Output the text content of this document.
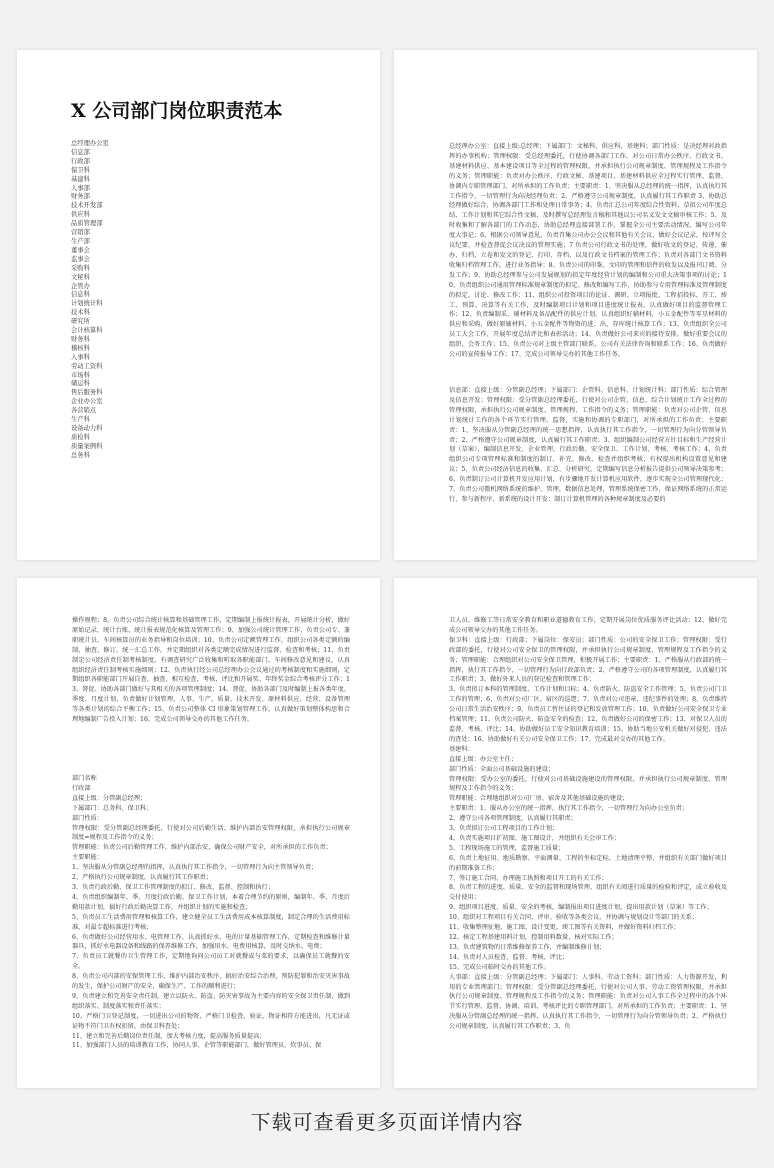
X 公司部门岗位职责范本
总经理办公室
信息部
行政部
保卫科
基建科
人事部
财务部
技术开发部
供应科
品质管理部
营销部
生产部
董事会
监事会
采购科
文秘科
企管办
信息科
计划统计科
技术科
研究所
会计核算科
财务科
稽核科
人事科
劳动工资科
市场科
储运科
售后服务科
企业办公室
各营销点
生产科
设备动力科
质检科
质量案例科
总务科

总经理办公室：直接上级:总经理；下属部门：文秘科、供应科、基建科；部门性质：是决经理对政指挥的办事机构；管理权限：受总经理委托，行使协调各部门工作，对公司日常办公秩序、行政文书、基建材料供应、基本建设项目等全过程的管理权限，并承担执行公司规章制度、管理规程及工作指令的义务；管理职能：负责对办公秩序、行政文秘、基建项目、基建材料供应全过程实行管理、监督、协调内专职管理部门、对所承担的工作负责；主要职责：1、坚决服从总经理的统一指挥，认真执行其工作指令，一切管理行为向决经理负责；2、严格遵守公司规章制度，认真履行其工作职责 3、协助总经理做好综合、协调各部门工作和处理日常事务；4、负责汇总公司年度综合性资料，草拟公司年度总结、工作计划和其它综合性文稿，及时撰写总经理发言稿和其他以公司名义发文文稿审核工作；5、及时收集和了解各部门的工作动态，协助总经理直接部署工作，掌握全公司主要活动情况，编写公司年度大事记；6、根据公司领导意见，负责召集公司办公会议和其他有关会议，做好会议记录，按评写会议纪要，并检查督促会议决议的管理实施；7 负责公司行政文书的处理，做好收文的登记、传递、催办、归档，立卷和发文的登记、打印、存档，以及行政文书档案的管理工作；负责对各部门文书资料收集归档管理工作，进行业务指导；8、负责公司的印鉴、文印的管理和信件的收发以及报刊订阅、分发工作；9、协助总经理参与公司发展规划的拟定年度经营计划的编制和公司重大决策事项的讨论；10、负责组织公司通用管理标准规章制度的拟定、修改和编写工作，协助参与专用管理标准及管理制度的拟定、讨论、修改工作；11、组织公司投资项目的论证、调研、立项报批，工程招投标、开工、竣工、预算、决算等有关工作，及时编制项目计划和项目进度统计报表，认真做好项目的监督管理工作；12、负责编制采、辅材料及备品配件的供应计划，认真组织好辅材料，小五金配件等零星材料的供应和采购，做好原辅材料，小五金配件等物资的进、出、存库统计核算工作；13、负责组织全公司员工大会工作，开展年度总结评比和表彰活动；14、负责做好公司来宾的接待安排，做好重要会议的组织、会务工作；15、负责公司对上级主管部门联系，公司有关法律咨询和联系工作；16、负责做好公司的宣传报导工作；17、完成公司领导交办的其他工作任务。

信息部：直接上级：分管副总经理；下属部门：企管科、信息科、计划统计科；部门性质：综合管理及信息开发；管理权限：受分管副总经理委托，行使对公司企管、信息、综合计划统计工作全过程的管理权限，承担执行公司规章制度、管理规程、工作指令的义务；管理职能：负责对公司企管、信息计划统计工作的各个环节实行管理、监督、实施和协调的专职部门，对所承担的工作负责；主要职责：1、坚决服从分管副总经理的统一思想指挥，认真执行其工作指令，一切管理行为向分管领导负责；2、严格遵守公司规章制度，认真履行其工作职责；3、组织编制公司经营方针目标和生产经营计划（草案），编制信息开发、企业管理、行政后勤、安全保卫、工作计划、考核、考核工作；4、负责组织公司专项管理标准和制度的制订、补充、修改、检查并组织考核；有权提出机构设置意见和建议；5、负责公司经济信息的收集、汇总、分析研究，定期编写信息分析报告提供公司领导决策参考；6、负责制订公司计算机开发应用计划，有步骤地开发计算机应用软件，逐步实现全公司管理现代化；7、负责公司微机网络系统的维护、管理，数据信息处理，管理系统保密工作，保证网络系统的正常运行，参与新程序、新系统的设计开发；制订计算机管理的各种规章制度及必要的

操作规程；8、负责公司综合统计核算和基础管理工作，定期编制上报统计报表，开展统计分析，做好原始记录，统计台账、统计报表规范化核算及管理工作；9、加强公司统计管理工作，负责公司专、兼职统计员、车间核算员的业务指导和岗位培训；10、负责公司定额管理工作，组织公司各类定额的编制、抽查、修订、统一汇总工作，并定期组织对各类定额完成情况进行监督、检查和考核；11、负责制定公司经济责任制考核制度，有调查研究广泛收集和听取各职能部门、车间修改意见和建议，认真组织经济责任制考核实施细则；12、负责执行经公司总经理办公会议通过的考核制度和实施细则，定期组织各职能部门开展自查、抽查、相互检查、考核，评比和开展奖、年终奖金综合考核评分工作；13、督促、协助各部门做好与其相关的各项管理制度；14、督促、协助各部门及时编制上报各类年度、季度、月度计划，负责做好计划管理、人事、生产、质量、技术开发、原材料供应、经营、设备管理等各类计划的综合平衡工作；15、负责公司整体 CI 形象策划管理工作，认真做好策划整体构思和合理地编制广告投入计划；16、完成公司领导交办的其他工作任务。

部门名称
行政部
直接上级：分管副总经理；
下属部门：总务科、保卫科；
部门性质：
管理权限：受分管副总经理委托，行使对公司后勤生活、维护内部治安管理权限，承担执行公司规章制度=规程及工作指令的义务；
管理职能：负责公司后勤管理工作、维护内部治安，确保公司财产安全，对所承担的工作负责；
主要职能：
1、坚决服从分管副总经理的指挥，认真执行其工作指令，一切管理行为向主管领导负责；
2、严格执行公司规章制度，认真履行其工作职责；
3、负责行政后勤、保卫工作管理制度的拟订、修改、监督、控制和执行；
4、负责组织编制年、季、月度行政后勤、保卫工作计划，本着合理节约的原则，编制年、季、月度后勤用款计划，搞好行政后勤决算工作，并组织计划的实施和检查；
5、负责员工生活费用管理和核算工作，建立健全员工生活费用成本核算制度，制定合理的生活费用标准，对最专超标准进行考核；
6、负责做好公司经营用水、电管理工作，认真抓好水、电的计量基础管理工作，定期检查和维修计量器具，抓好水电器设备和线路的保养维修工作，加强用水、电费用核算，及时交纳水、电费；
7、负责员工就餐的卫生管理工作，定期地询问公司员工对就餐或与菜的要求，以确保员工就餐的安全。
8、负责公司内部的安保管理工作，维护内部治安秩序，搞好治安综合治理，预防犯罪和治安灾害事故的发生，保护公司财产的安全，确保生产、工作的顺利进行；
9、负责建立和完善安全责任制，建立以防火、防盗、防灾害事故为主要内容的安全保卫责任制，做到组织落实、制度落实和责任落实；
10、严格门卫登记制度，一切进出公司的物资、严格门卫检查、验证，物证相符方能进出，凡无证或证物不符门卫有权扣留，由保卫科查处；
11、建立和完善后勤岗位责任制，加大考核力度，提高服务质量提高；
11、加强部门人员的培训教育工作，协同人事、企管等职能部门，做好管理员、炊事员、保

卫人员、维修工等日常安全教育和职业道德教育工作，定期开展岗位优质服务评比活动；12、做好完成公司领导交办的其他工作任务。
保卫科：直接上级：行政部；下属岗位：保安员；部门性质：公司的安全保卫工作；管理权限：受行政部的委托，行使对公司安全保卫的管理权限，并承担执行公司规章制度、管理规程及工作指令的义务；管理职能：合理组织对公司安全保卫管理，积极开展工作；主要职责：1、严格服从行政部的统一指挥，执行其工作指令，一切管理行为向行政部负责；2、严格遵守公司的各项管理制度，认真履行其工作职责；3、做好外来人员的登记检查和管理工作；
3、负责拟订本科的管理制度、工作计划和目标；4、负责防火、防盗安全工作管理；5、负责公司门卫工作的管理；6、负责对公司厂区、宿区的巡逻；7、负责对公司违章、违纪事件的处理；8、负责维持公司日常生活治安秩序；9、负责员工暂住证的登记和发放管理工作；10、负责做好公司安全保卫专业档案管理；11、负责公司防火、防盗安全的检查；12、负责做好公司的保密工作；13、对保卫人员的监督、考核、评比；14、协助做好员工安全知识教育培训；15、协助当地公安机关做好对侵犯、违法的查处；16、协助做好有关公司安全保卫工作；17、完成最对交办的其他工作。
基建科：
直接上级：办公室主任；
部门性质：全面公司基础设施的建设；
管理权限：受办公室的委托，行使对公司基础设施建设的管理权限，并承担执行公司规章制度、管理规程及工作指令的义务；
管理职能：合理地组织对公司厂房、宿舍及其他基础设施的建设；
主要职责：1、服从办公室的统一指挥，执行其工作指令，一切管理行为向办公室负责；
2、遵守公司各项管理制度，认真履行其职责；
3、负责拟订公司工程项目的工作计划；
4、负责实施项目扩初图、施工图设计，并组织有关会审工作；
5、工程现场施工的管理，监督施工质量；
6、负责土地征用、地质勘察、平面测量、工程的坐标定标、土地清理平整，并组织有关部门做好项目的前期准备工作；
7、签订施工合同，办理施工执照和项目开工的有关工作；
8、负责工程的进度、质量、安全的监督和现场管理，组织有关阅进行质量的检验和评定，成立验收及交付使用；
9、组织项目进度、质量、安全的考核，编制报出项目进度计划，提出用款计划（草案）等工作；
10、组织对工程项目有关合同、评审、验收等各类会议，并协调与规划设计等部门的关系；
11、收集整理征地、施工图、设计变更、竣工图等有关资料，并做好资料归档工作；
12、核定工程基建用料计划，控制用料数量，核对实际工作；
13、负责建筑物的日常维修保养工作，并编制维修计划；
14、负责对人员检查、监督、考核、评比；
15、完成公司临时交办的其他工作。
人事部：直接上级：分管副总经理；下属部门：人事科、劳动工资科；部门性质：人力资源开发，利用的专业管理部门；管理权限：受分管副总经理委托，行使对公司人事、劳动工资管理权限，并承担执行公司规章制度、管理规程及工作指令的义务；管理职能：负责对公司人事工作全过程中的各个环节实行管理、监督、协调、培训、考核评比的专职管理部门，对所承担的工作负责；主要职责：1、坚决服从分管副总经理的统一指挥，认真执行其工作指令，一切管理行为向分管领导负责；2、严格执行公司规章制度，认真履行其工作职责；3、负

下载可查看更多页面详情内容
